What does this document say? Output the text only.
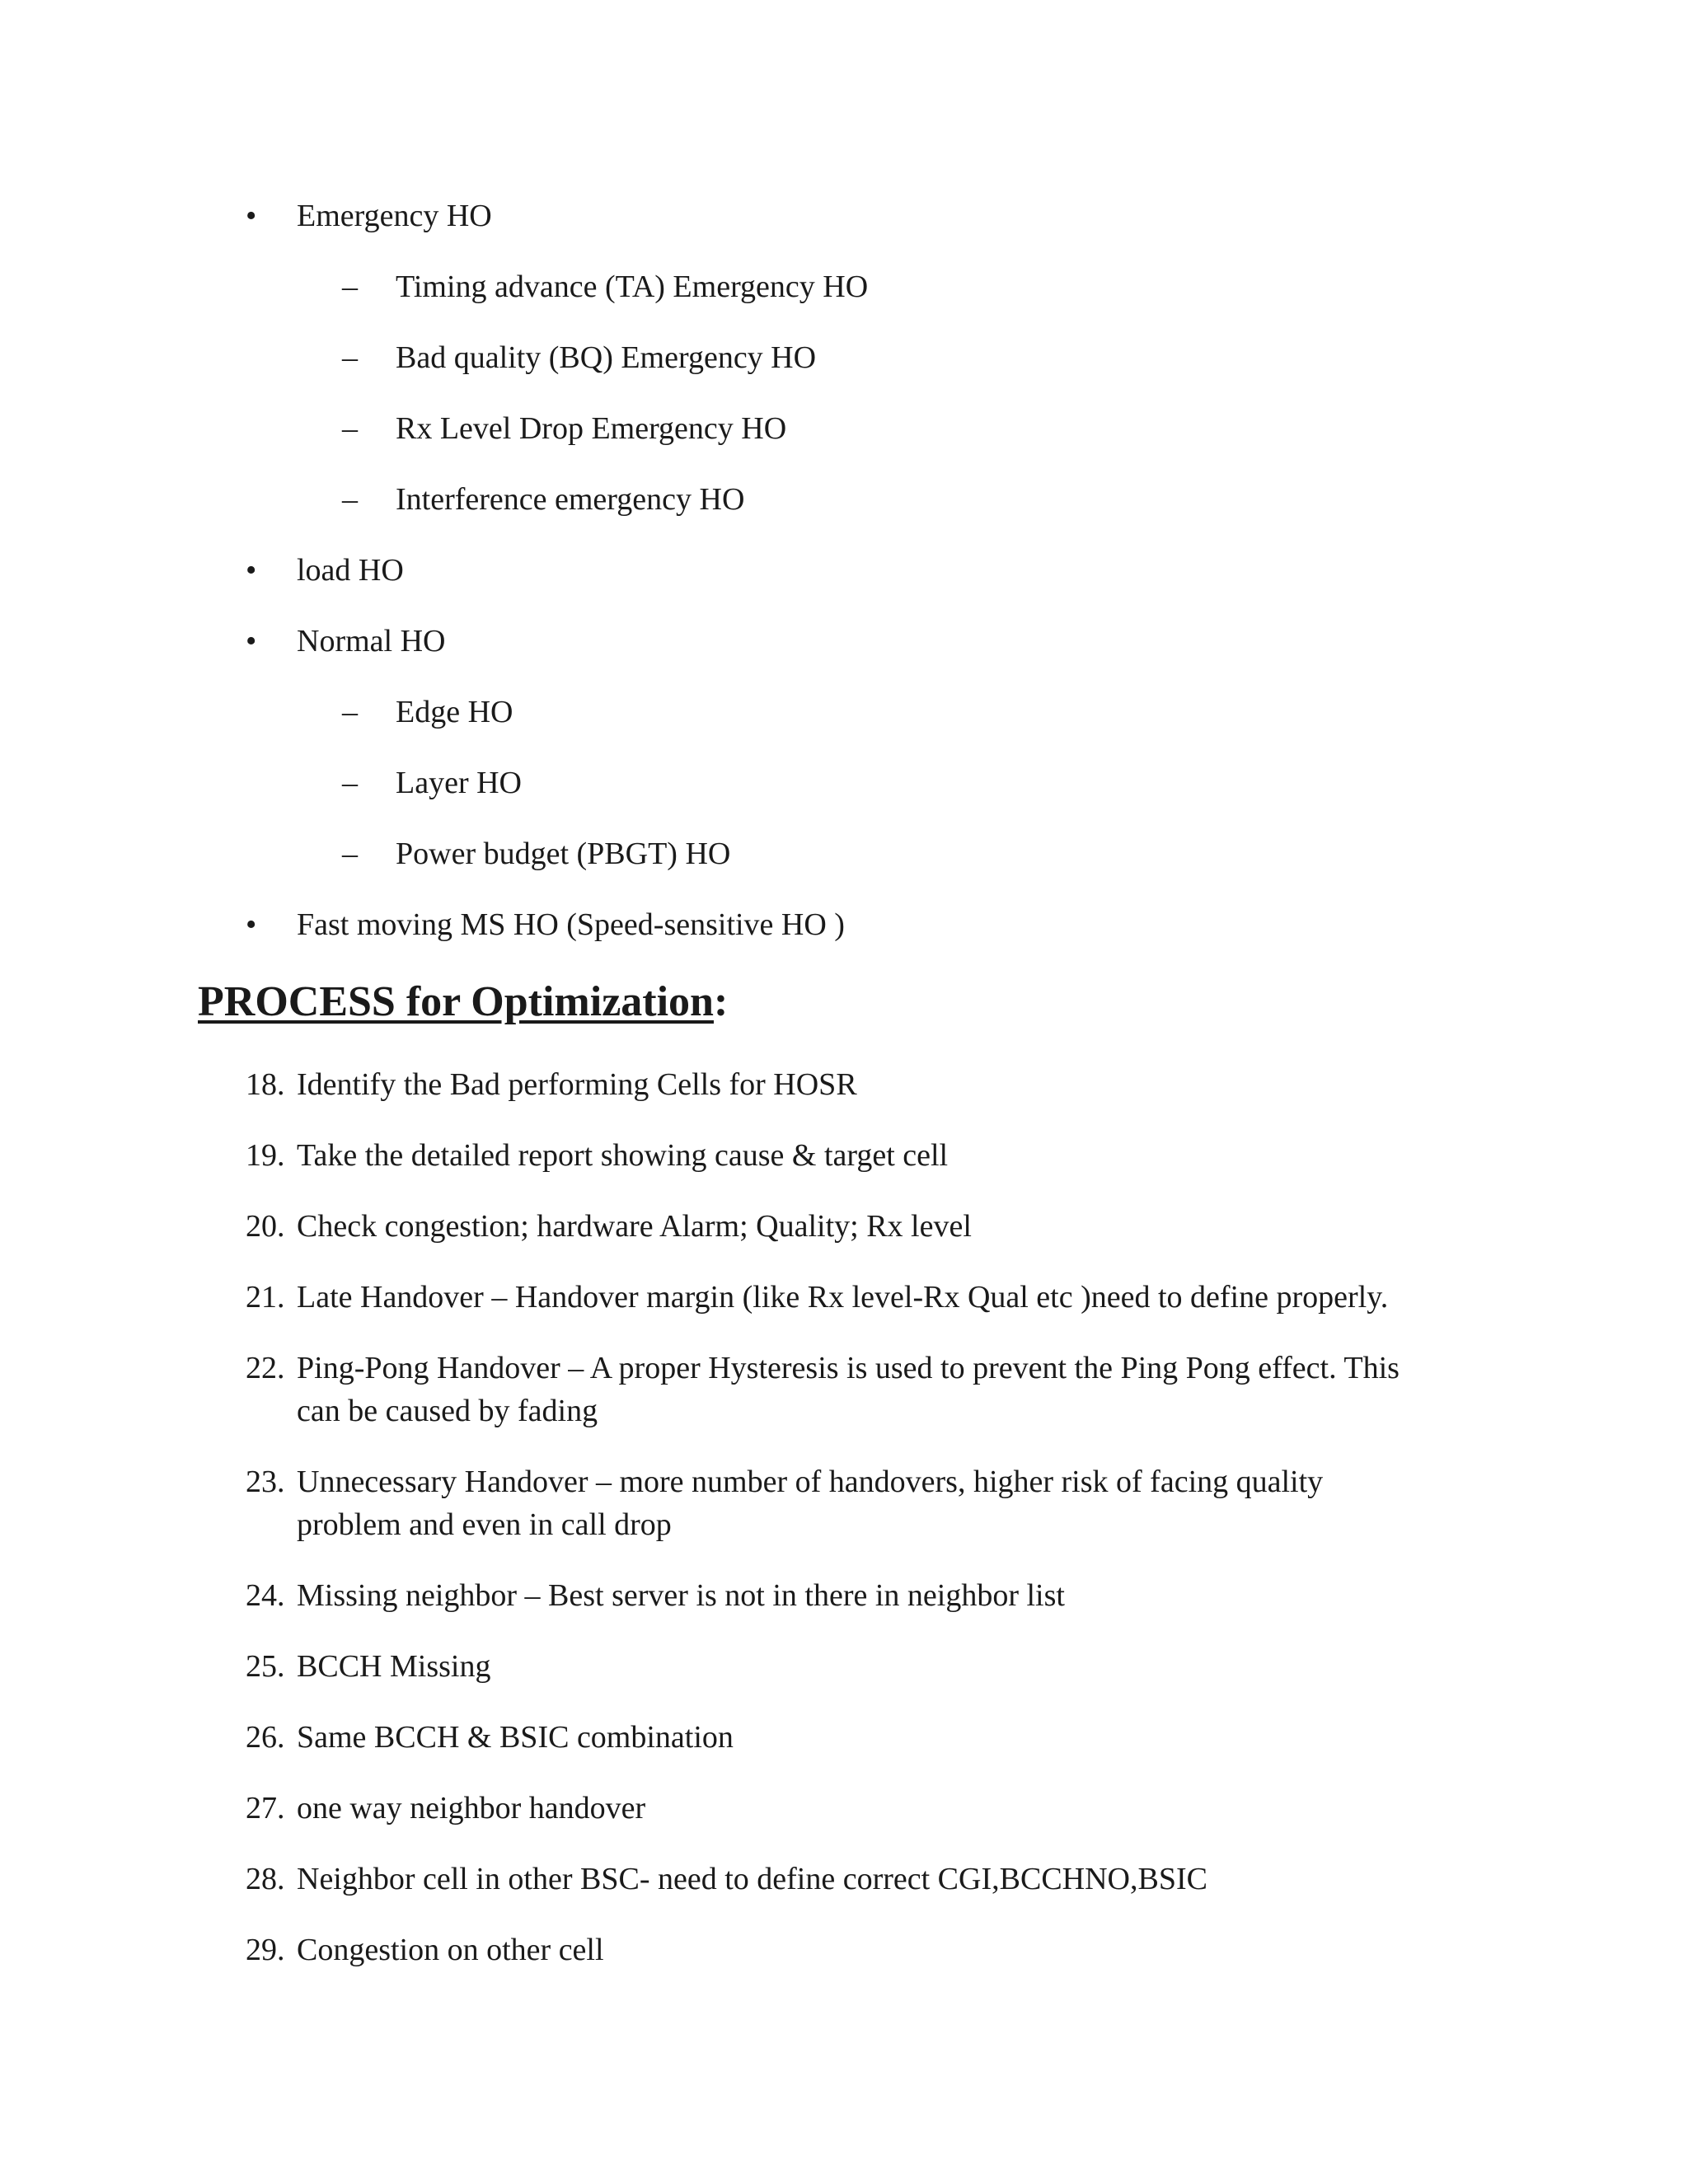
• Emergency HO
– Timing advance (TA) Emergency HO
– Bad quality (BQ) Emergency HO
– Rx Level Drop Emergency HO
– Interference emergency HO
• load HO
• Normal HO
– Edge HO
– Layer HO
– Power budget (PBGT) HO
• Fast moving MS HO (Speed-sensitive HO )
PROCESS for Optimization:
18. Identify the Bad performing Cells for HOSR
19. Take the detailed report showing cause & target cell
20. Check congestion; hardware Alarm; Quality; Rx level
21. Late Handover – Handover margin (like Rx level-Rx Qual etc )need to define properly.
22. Ping-Pong Handover – A proper Hysteresis is used to prevent the Ping Pong effect. This
can be caused by fading
23. Unnecessary Handover – more number of handovers, higher risk of facing quality
problem and even in call drop
24. Missing neighbor – Best server is not in there in neighbor list
25. BCCH Missing
26. Same BCCH & BSIC combination
27. one way neighbor handover
28. Neighbor cell in other BSC- need to define correct CGI,BCCHNO,BSIC
29. Congestion on other cell
